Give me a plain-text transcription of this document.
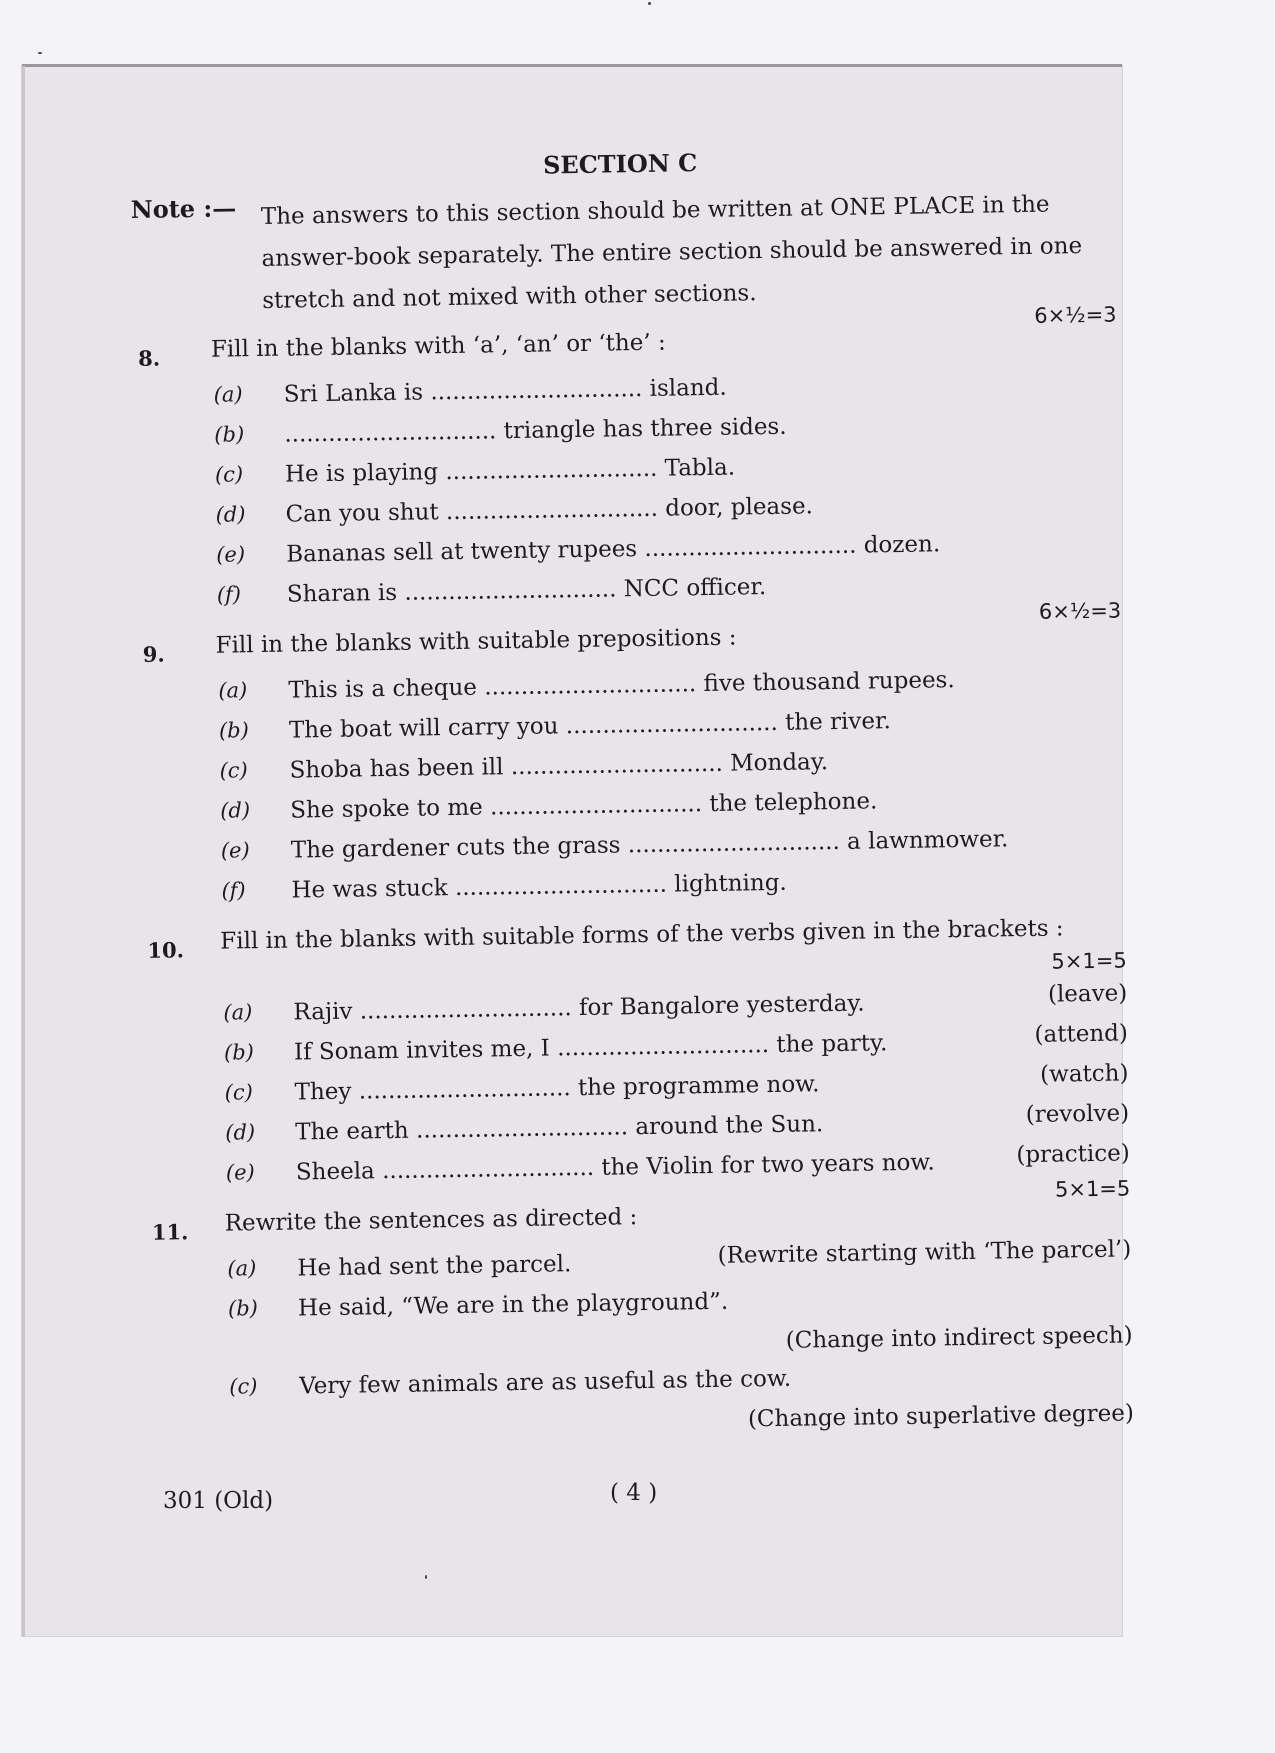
SECTION C
Note :— The answers to this section should be written at ONE PLACE in the answer-book separately. The entire section should be answered in one stretch and not mixed with other sections.
8. Fill in the blanks with ‘a’, ‘an’ or ‘the’ :
6×½=3
(a) Sri Lanka is ............................. island.
(b) ............................. triangle has three sides.
(c) He is playing ............................. Tabla.
(d) Can you shut ............................. door, please.
(e) Bananas sell at twenty rupees ............................. dozen.
(f) Sharan is ............................. NCC officer.
9. Fill in the blanks with suitable prepositions :
6×½=3
(a) This is a cheque ............................. five thousand rupees.
(b) The boat will carry you ............................. the river.
(c) Shoba has been ill ............................. Monday.
(d) She spoke to me ............................. the telephone.
(e) The gardener cuts the grass ............................. a lawnmower.
(f) He was stuck ............................. lightning.
10. Fill in the blanks with suitable forms of the verbs given in the brackets :
5×1=5
(a) Rajiv ............................. for Bangalore yesterday.	(leave)
(b) If Sonam invites me, I ............................. the party.	(attend)
(c) They ............................. the programme now.	(watch)
(d) The earth ............................. around the Sun.	(revolve)
(e) Sheela ............................. the Violin for two years now.	(practice)
11. Rewrite the sentences as directed :
5×1=5
(a) He had sent the parcel.	(Rewrite starting with ‘The parcel’)
(b) He said, “We are in the playground”.
(Change into indirect speech)
(c) Very few animals are as useful as the cow.
(Change into superlative degree)
301 (Old)	( 4 )
